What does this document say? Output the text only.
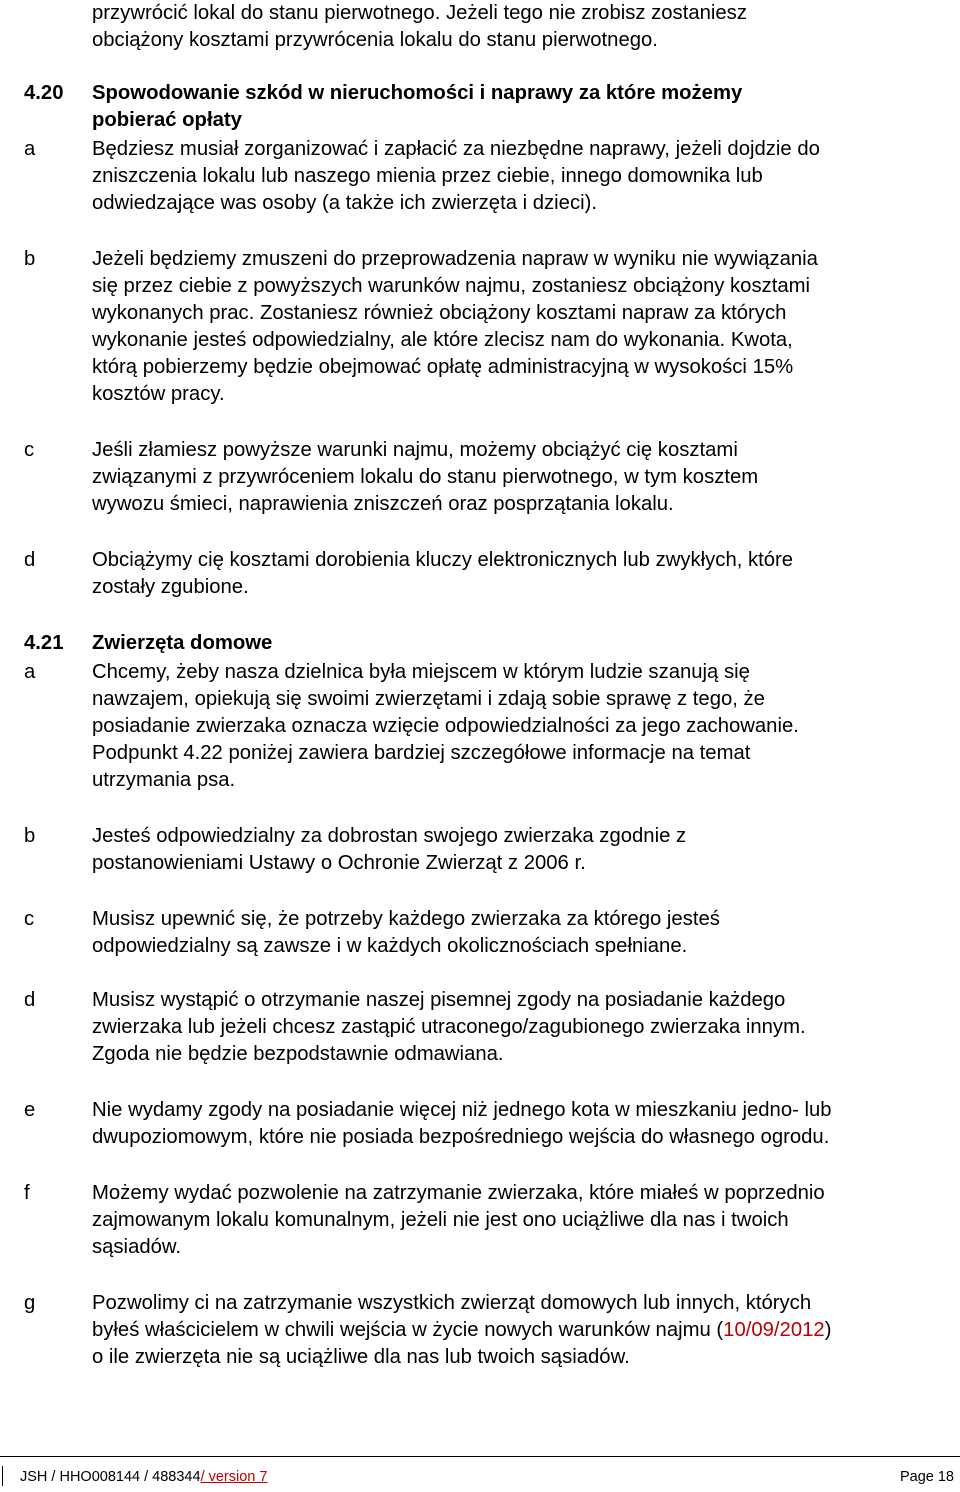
przywrócić lokal do stanu pierwotnego. Jeżeli tego nie zrobisz zostaniesz
obciążony kosztami przywrócenia lokalu do stanu pierwotnego.
4.20 Spowodowanie szkód w nieruchomości i naprawy za które możemy
pobierać opłaty
a	Będziesz musiał zorganizować i zapłacić za niezbędne naprawy, jeżeli dojdzie do
zniszczenia lokalu lub naszego mienia przez ciebie, innego domownika lub
odwiedzające was osoby (a także ich zwierzęta i dzieci).
b	Jeżeli będziemy zmuszeni do przeprowadzenia napraw w wyniku nie wywiązania
się przez ciebie z powyższych warunków najmu, zostaniesz obciążony kosztami
wykonanych prac. Zostaniesz również obciążony kosztami napraw za których
wykonanie jesteś odpowiedzialny, ale które zlecisz nam do wykonania. Kwota,
którą pobierzemy będzie obejmować opłatę administracyjną w wysokości 15%
kosztów pracy.
c	Jeśli złamiesz powyższe warunki najmu, możemy obciążyć cię kosztami
związanymi z przywróceniem lokalu do stanu pierwotnego, w tym kosztem
wywozu śmieci, naprawienia zniszczeń oraz posprzątania lokalu.
d	Obciążymy cię kosztami dorobienia kluczy elektronicznych lub zwykłych, które
zostały zgubione.
4.21 Zwierzęta domowe
a	Chcemy, żeby nasza dzielnica była miejscem w którym ludzie szanują się
nawzajem, opiekują się swoimi zwierzętami i zdają sobie sprawę z tego, że
posiadanie zwierzaka oznacza wzięcie odpowiedzialności za jego zachowanie.
Podpunkt 4.22 poniżej zawiera bardziej szczegółowe informacje na temat
utrzymania psa.
b	Jesteś odpowiedzialny za dobrostan swojego zwierzaka zgodnie z
postanowieniami Ustawy o Ochronie Zwierząt z 2006 r.
c	Musisz upewnić się, że potrzeby każdego zwierzaka za którego jesteś
odpowiedzialny są zawsze i w każdych okolicznościach spełniane.
d	Musisz wystąpić o otrzymanie naszej pisemnej zgody na posiadanie każdego
zwierzaka lub jeżeli chcesz zastąpić utraconego/zagubionego zwierzaka innym.
Zgoda nie będzie bezpodstawnie odmawiana.
e	Nie wydamy zgody na posiadanie więcej niż jednego kota w mieszkaniu jedno- lub
dwupoziomowym, które nie posiada bezpośredniego wejścia do własnego ogrodu.
f	Możemy wydać pozwolenie na zatrzymanie zwierzaka, które miałeś w poprzednio
zajmowanym lokalu komunalnym, jeżeli nie jest ono uciążliwe dla nas i twoich
sąsiadów.
g	Pozwolimy ci na zatrzymanie wszystkich zwierząt domowych lub innych, których
byłeś właścicielem w chwili wejścia w życie nowych warunków najmu (10/09/2012)
o ile zwierzęta nie są uciążliwe dla nas lub twoich sąsiadów.
JSH / HHO008144 / 488344/ version 7	Page 18
